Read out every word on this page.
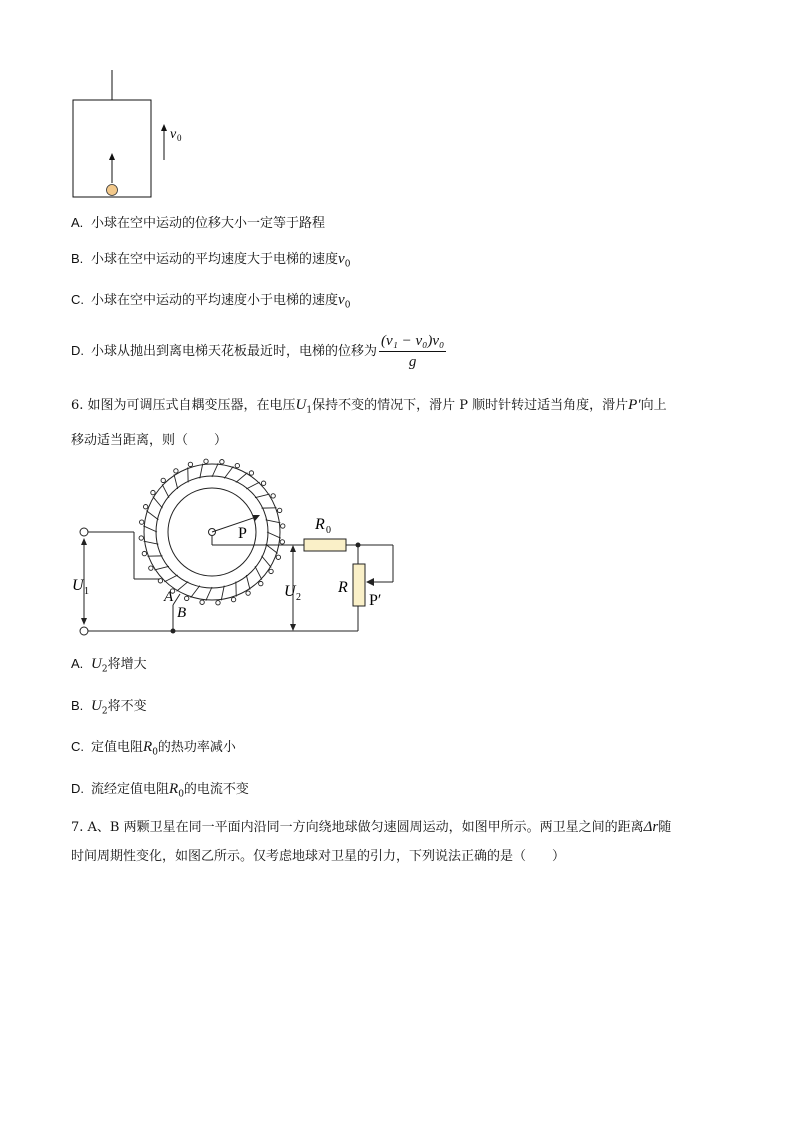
v 0
A. 小球在空中运动的位移大小一定等于路程
B. 小球在空中运动的平均速度大于电梯的速度$v_0$
C. 小球在空中运动的平均速度小于电梯的速度$v_0$
D. 小球从抛出到离电梯天花板最近时，电梯的位移为 $\frac{\text{(v₁ − v₀)v₀}}{g}$
6. 如图为可调压式自耦变压器，在电压$U_1$保持不变的情况下，滑片 P 顺时针转过适当角度，滑片P′向上
移动适当距离，则（　　）
P
R 0
R
P′
A
B
U 1	U 2
A. $U_2$将增大
B. $U_2$将不变
C. 定值电阻$R_0$的热功率减小
D. 流经定值电阻$R_0$的电流不变
7. A、B 两颗卫星在同一平面内沿同一方向绕地球做匀速圆周运动，如图甲所示。两卫星之间的距离Δr随
时间周期性变化，如图乙所示。仅考虑地球对卫星的引力，下列说法正确的是（　　）
